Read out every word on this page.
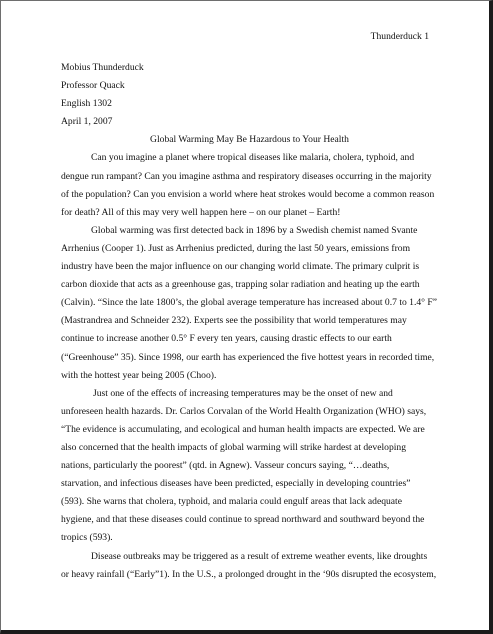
Thunderduck 1
Mobius Thunderduck
Professor Quack
English 1302
April 1, 2007
Global Warming May Be Hazardous to Your Health
Can you imagine a planet where tropical diseases like malaria, cholera, typhoid, and
dengue run rampant? Can you imagine asthma and respiratory diseases occurring in the majority
of the population? Can you envision a world where heat strokes would become a common reason
for death? All of this may very well happen here – on our planet – Earth!
Global warming was first detected back in 1896 by a Swedish chemist named Svante
Arrhenius (Cooper 1). Just as Arrhenius predicted, during the last 50 years, emissions from
industry have been the major influence on our changing world climate. The primary culprit is
carbon dioxide that acts as a greenhouse gas, trapping solar radiation and heating up the earth
(Calvin). “Since the late 1800’s, the global average temperature has increased about 0.7 to 1.4° F”
(Mastrandrea and Schneider 232). Experts see the possibility that world temperatures may
continue to increase another 0.5° F every ten years, causing drastic effects to our earth
(“Greenhouse” 35). Since 1998, our earth has experienced the five hottest years in recorded time,
with the hottest year being 2005 (Choo).
Just one of the effects of increasing temperatures may be the onset of new and
unforeseen health hazards. Dr. Carlos Corvalan of the World Health Organization (WHO) says,
“The evidence is accumulating, and ecological and human health impacts are expected. We are
also concerned that the health impacts of global warming will strike hardest at developing
nations, particularly the poorest” (qtd. in Agnew). Vasseur concurs saying, “…deaths,
starvation, and infectious diseases have been predicted, especially in developing countries”
(593). She warns that cholera, typhoid, and malaria could engulf areas that lack adequate
hygiene, and that these diseases could continue to spread northward and southward beyond the
tropics (593).
Disease outbreaks may be triggered as a result of extreme weather events, like droughts
or heavy rainfall (“Early”1). In the U.S., a prolonged drought in the ‘90s disrupted the ecosystem,
